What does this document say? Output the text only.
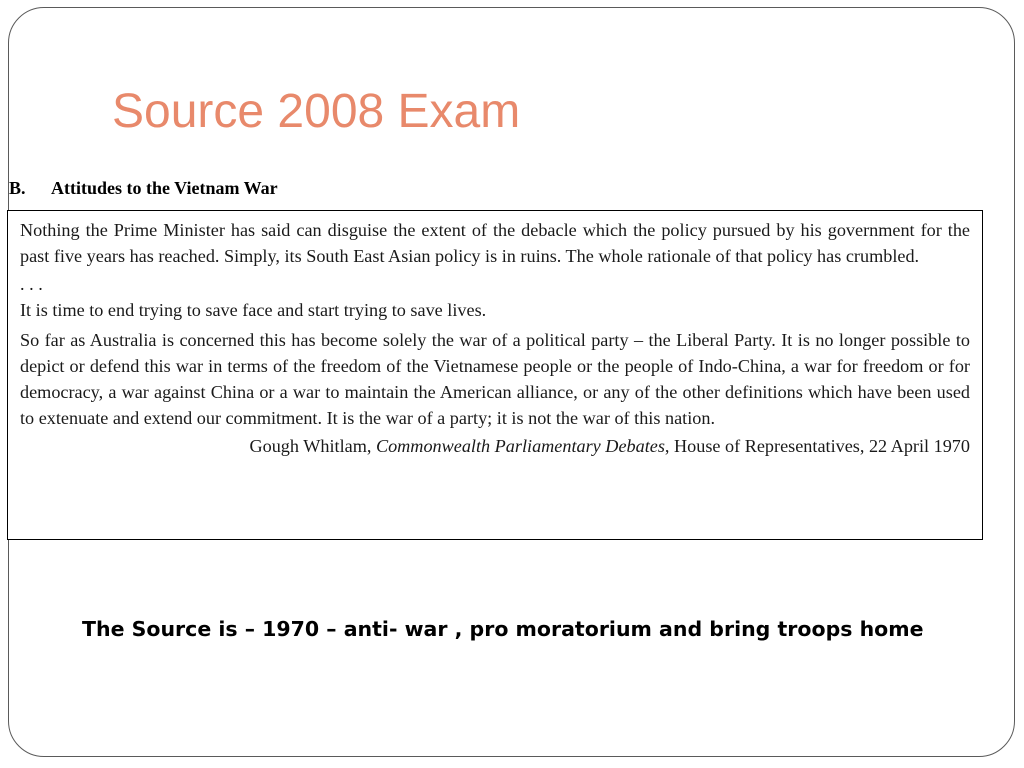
Source 2008 Exam
B. Attitudes to the Vietnam War

Nothing the Prime Minister has said can disguise the extent of the debacle which the policy pursued by his government for the past five years has reached. Simply, its South East Asian policy is in ruins. The whole rationale of that policy has crumbled.

. . .

It is time to end trying to save face and start trying to save lives.

So far as Australia is concerned this has become solely the war of a political party – the Liberal Party. It is no longer possible to depict or defend this war in terms of the freedom of the Vietnamese people or the people of Indo-China, a war for freedom or for democracy, a war against China or a war to maintain the American alliance, or any of the other definitions which have been used to extenuate and extend our commitment. It is the war of a party; it is not the war of this nation.

Gough Whitlam, Commonwealth Parliamentary Debates, House of Representatives, 22 April 1970

The Source is – 1970 – anti- war , pro moratorium and bring troops home
